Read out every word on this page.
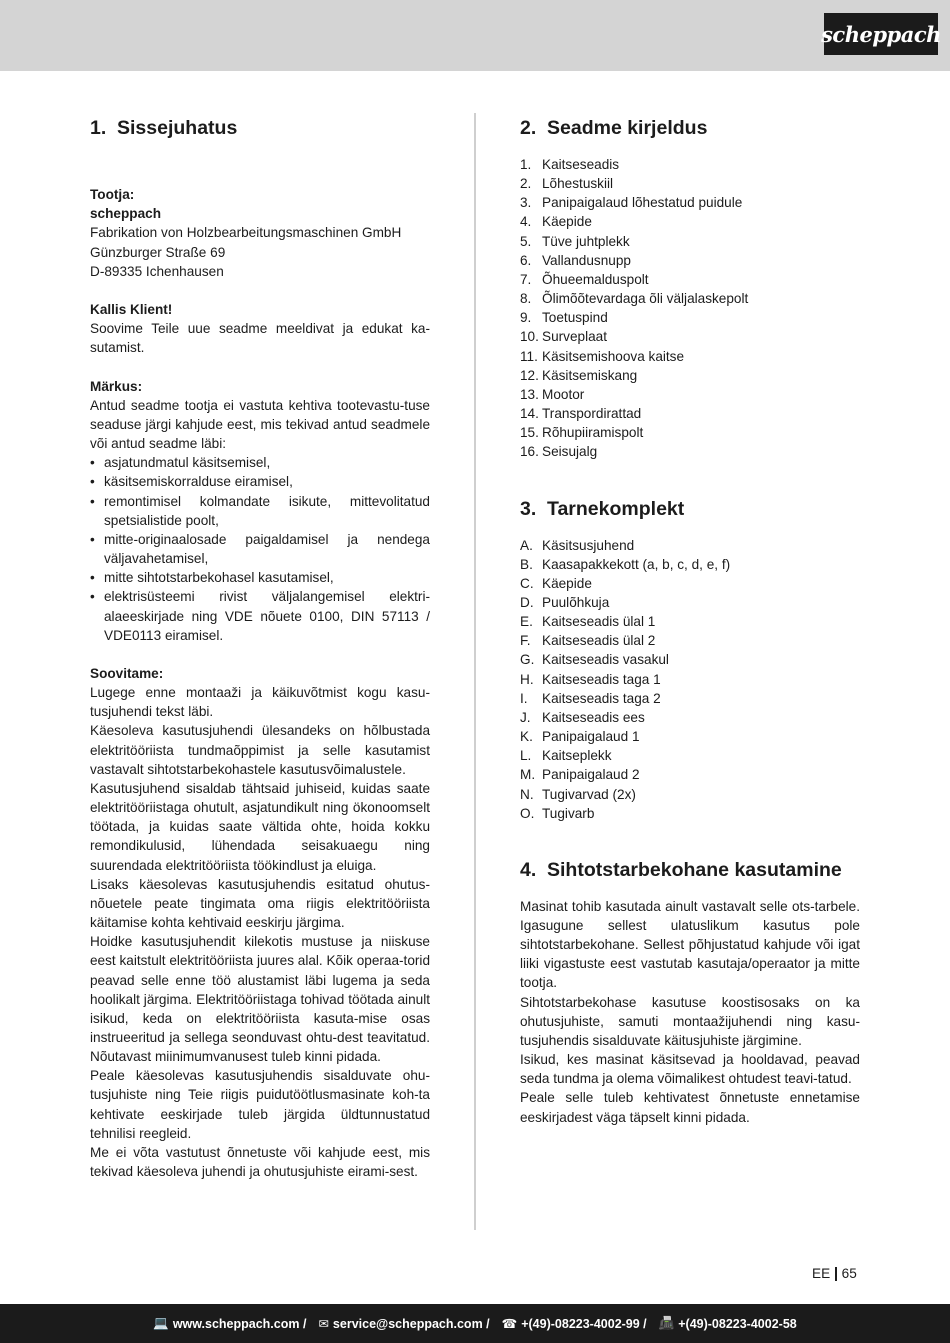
scheppach
1. Sissejuhatus

Tootja:

scheppach

Fabrikation von Holzbearbeitungsmaschinen GmbH

Günzburger Straße 69

D-89335 Ichenhausen

Kallis Klient!

Soovime Teile uue seadme meeldivat ja edukat ka-sutamist.

Märkus:

Antud seadme tootja ei vastuta kehtiva tootevastu-tuse seaduse järgi kahjude eest, mis tekivad antud seadmele või antud seadme läbi:

• asjatundmatul käsitsemisel,
• käsitsemiskorralduse eiramisel,
• remontimisel kolmandate isikute, mittevolitatud spetsialistide poolt,
• mitte-originaalosade paigaldamisel ja nendega väljavahetamisel,
• mitte sihtotstarbekohasel kasutamisel,
• elektrisüsteemi rivist väljalangemisel elektri-alaeeskirjade ning VDE nõuete 0100, DIN 57113 / VDE0113 eiramisel.

Soovitame:

Lugege enne montaaži ja käikuvõtmist kogu kasu-tusjuhendi tekst läbi.

Käesoleva kasutusjuhendi ülesandeks on hõlbustada elektritööriista tundmaõppimist ja selle kasutamist vastavalt sihtotstarbekohastele kasutusvõimalustele.

Kasutusjuhend sisaldab tähtsaid juhiseid, kuidas saate elektritööriistaga ohutult, asjatundikult ning ökonoomselt töötada, ja kuidas saate vältida ohte, hoida kokku remondikulusid, lühendada seisakuaegu ning suurendada elektritööriista töökindlust ja eluiga.

Lisaks käesolevas kasutusjuhendis esitatud ohutus-nõuetele peate tingimata oma riigis elektritööriista käitamise kohta kehtivaid eeskirju järgima.

Hoidke kasutusjuhendit kilekotis mustuse ja niiskuse eest kaitstult elektritööriista juures alal. Kõik operaa-torid peavad selle enne töö alustamist läbi lugema ja seda hoolikalt järgima. Elektritööriistaga tohivad töötada ainult isikud, keda on elektritööriista kasuta-mise osas instrueeritud ja sellega seonduvast ohtu-dest teavitatud. Nõutavast miinimumvanusest tuleb kinni pidada.

Peale käesolevas kasutusjuhendis sisalduvate ohu-tusjuhiste ning Teie riigis puidutöötlusmasinate koh-ta kehtivate eeskirjade tuleb järgida üldtunnustatud tehnilisi reegleid.

Me ei võta vastutust õnnetuste või kahjude eest, mis tekivad käesoleva juhendi ja ohutusjuhiste eirami-sest.

2. Seadme kirjeldus
1. Kaitseseadis
2. Lõhestuskiil
3. Panipaigalaud lõhestatud puidule
4. Käepide
5. Tüve juhtplekk
6. Vallandusnupp
7. Õhueemalduspolt
8. Õlimõõtevardaga õli väljalaskepolt
9. Toetuspind
10. Surveplaat
11. Käsitsemishoova kaitse
12. Käsitsemiskang
13. Mootor
14. Transpordirattad
15. Rõhupiiramispolt
16. Seisujalg
3. Tarnekomplekt
A. Käsitsusjuhend
B. Kaasapakkekott (a, b, c, d, e, f)
C. Käepide
D. Puulõhkuja
E. Kaitseseadis ülal 1
F. Kaitseseadis ülal 2
G. Kaitseseadis vasakul
H. Kaitseseadis taga 1
I.	Kaitseseadis taga 2
J. Kaitseseadis ees
K. Panipaigalaud 1
L. Kaitseplekk
M. Panipaigalaud 2
N. Tugivarvad (2x)
O. Tugivarb
4. Sihtotstarbekohane kasutamine

Masinat tohib kasutada ainult vastavalt selle ots-tarbele. Igasugune sellest ulatuslikum kasutus pole sihtotstarbekohane. Sellest põhjustatud kahjude või igat liiki vigastuste eest vastutab kasutaja/operaator ja mitte tootja.

Sihtotstarbekohase kasutuse koostisosaks on ka ohutusjuhiste, samuti montaažijuhendi ning kasu-tusjuhendis sisalduvate käitusjuhiste järgimine.

Isikud, kes masinat käsitsevad ja hooldavad, peavad seda tundma ja olema võimalikest ohtudest teavi-tatud.

Peale selle tuleb kehtivatest õnnetuste ennetamise eeskirjadest väga täpselt kinni pidada.

EE 65
💻 www.scheppach.com / ✉ service@scheppach.com / ☎ +(49)-08223-4002-99 / 📠 +(49)-08223-4002-58
